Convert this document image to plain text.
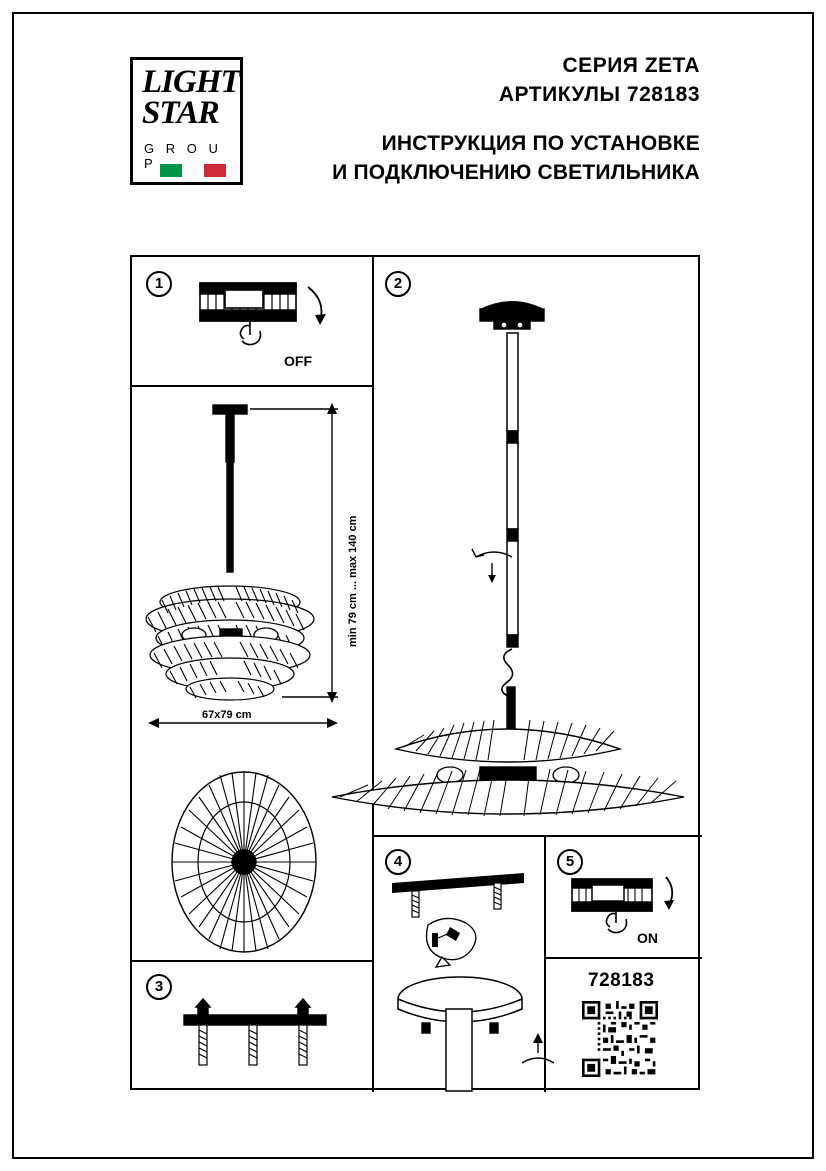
LIGHT
STAR
G R O U P
СЕРИЯ ZETA
АРТИКУЛЫ 728183
ИНСТРУКЦИЯ ПО УСТАНОВКЕ
И ПОДКЛЮЧЕНИЮ СВЕТИЛЬНИКА
1	2
3
4	5
OFF
ON
67x79 cm
min 79 cm ... max 140 cm
728183
